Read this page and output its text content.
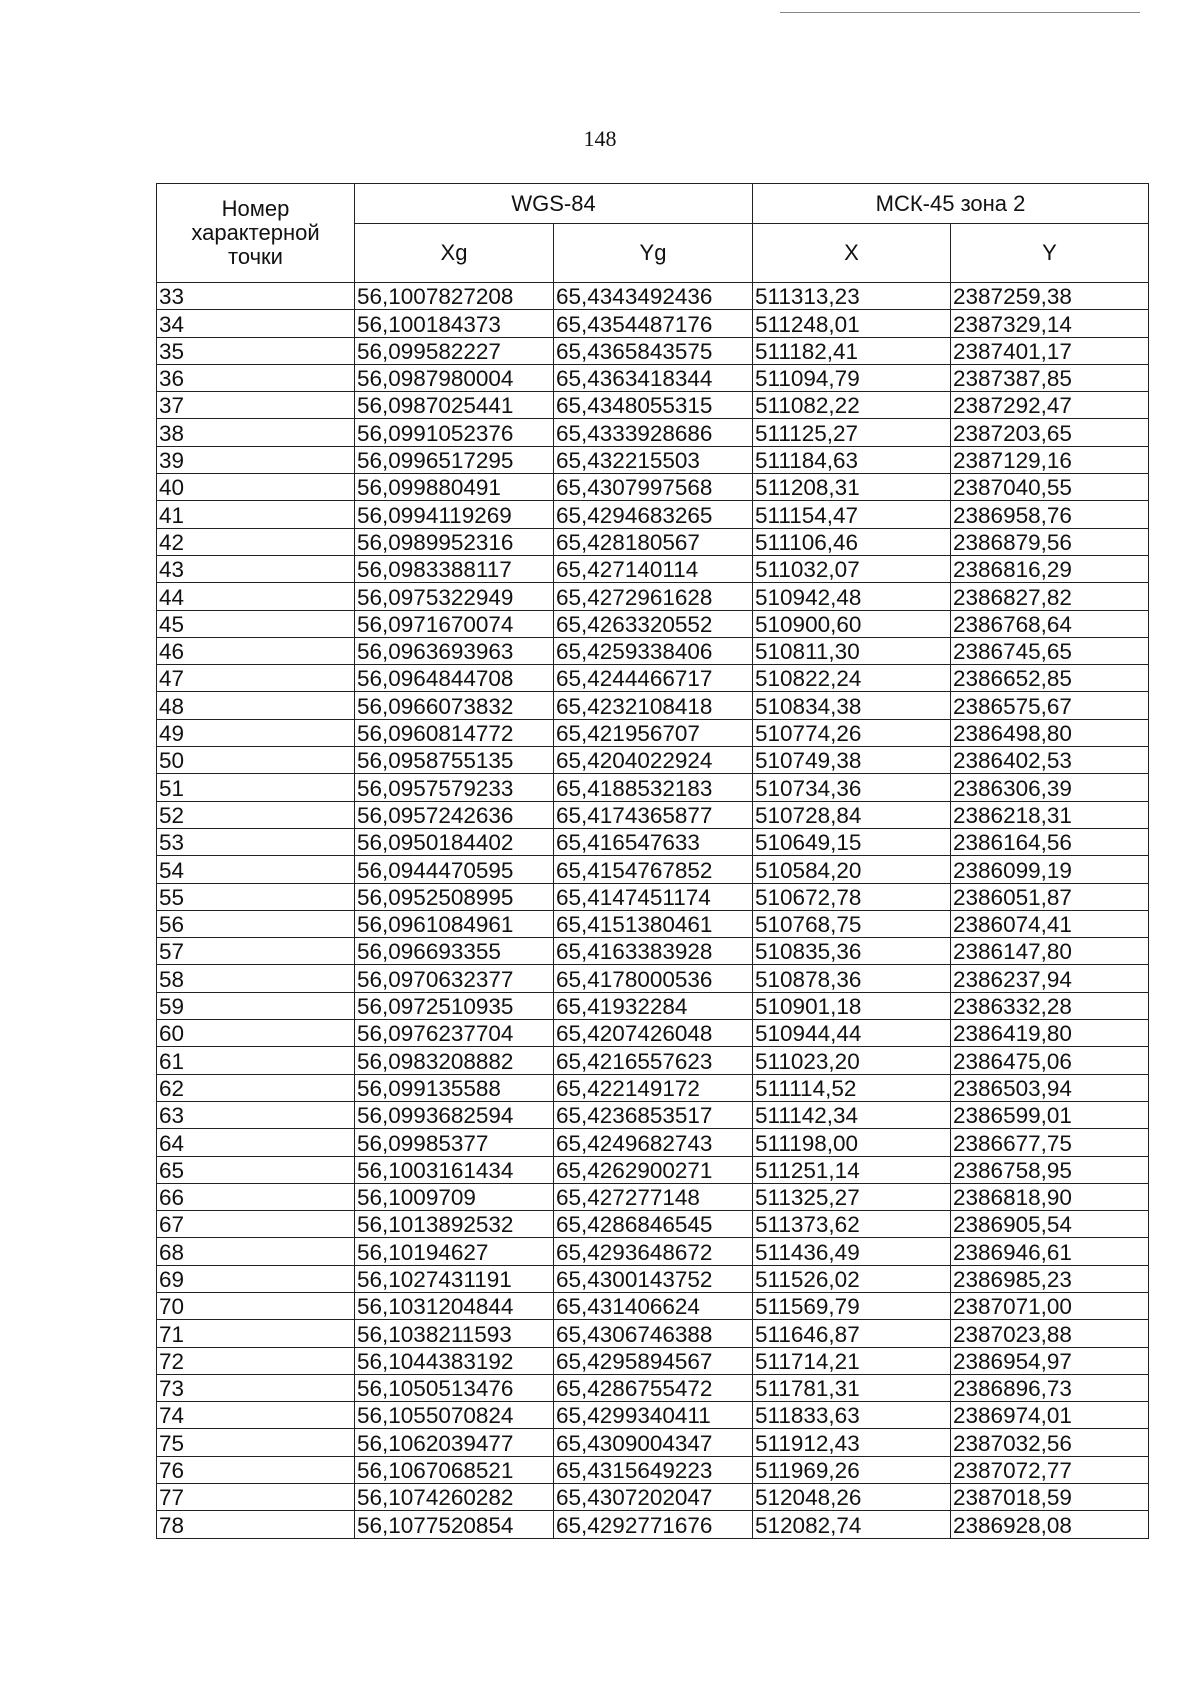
148
Номер
характерной
точки	WGS-84		МСК-45 зона 2	
	Xg	Yg	X	Y
33	56,1007827208	65,4343492436	511313,23	2387259,38
34	56,100184373	65,4354487176	511248,01	2387329,14
35	56,099582227	65,4365843575	511182,41	2387401,17
36	56,0987980004	65,4363418344	511094,79	2387387,85
37	56,0987025441	65,4348055315	511082,22	2387292,47
38	56,0991052376	65,4333928686	511125,27	2387203,65
39	56,0996517295	65,432215503	511184,63	2387129,16
40	56,099880491	65,4307997568	511208,31	2387040,55
41	56,0994119269	65,4294683265	511154,47	2386958,76
42	56,0989952316	65,428180567	511106,46	2386879,56
43	56,0983388117	65,427140114	511032,07	2386816,29
44	56,0975322949	65,4272961628	510942,48	2386827,82
45	56,0971670074	65,4263320552	510900,60	2386768,64
46	56,0963693963	65,4259338406	510811,30	2386745,65
47	56,0964844708	65,4244466717	510822,24	2386652,85
48	56,0966073832	65,4232108418	510834,38	2386575,67
49	56,0960814772	65,421956707	510774,26	2386498,80
50	56,0958755135	65,4204022924	510749,38	2386402,53
51	56,0957579233	65,4188532183	510734,36	2386306,39
52	56,0957242636	65,4174365877	510728,84	2386218,31
53	56,0950184402	65,416547633	510649,15	2386164,56
54	56,0944470595	65,4154767852	510584,20	2386099,19
55	56,0952508995	65,4147451174	510672,78	2386051,87
56	56,0961084961	65,4151380461	510768,75	2386074,41
57	56,096693355	65,4163383928	510835,36	2386147,80
58	56,0970632377	65,4178000536	510878,36	2386237,94
59	56,0972510935	65,41932284	510901,18	2386332,28
60	56,0976237704	65,4207426048	510944,44	2386419,80
61	56,0983208882	65,4216557623	511023,20	2386475,06
62	56,099135588	65,422149172	511114,52	2386503,94
63	56,0993682594	65,4236853517	511142,34	2386599,01
64	56,09985377	65,4249682743	511198,00	2386677,75
65	56,1003161434	65,4262900271	511251,14	2386758,95
66	56,1009709	65,427277148	511325,27	2386818,90
67	56,1013892532	65,4286846545	511373,62	2386905,54
68	56,10194627	65,4293648672	511436,49	2386946,61
69	56,1027431191	65,4300143752	511526,02	2386985,23
70	56,1031204844	65,431406624	511569,79	2387071,00
71	56,1038211593	65,4306746388	511646,87	2387023,88
72	56,1044383192	65,4295894567	511714,21	2386954,97
73	56,1050513476	65,4286755472	511781,31	2386896,73
74	56,1055070824	65,4299340411	511833,63	2386974,01
75	56,1062039477	65,4309004347	511912,43	2387032,56
76	56,1067068521	65,4315649223	511969,26	2387072,77
77	56,1074260282	65,4307202047	512048,26	2387018,59
78	56,1077520854	65,4292771676	512082,74	2386928,08
